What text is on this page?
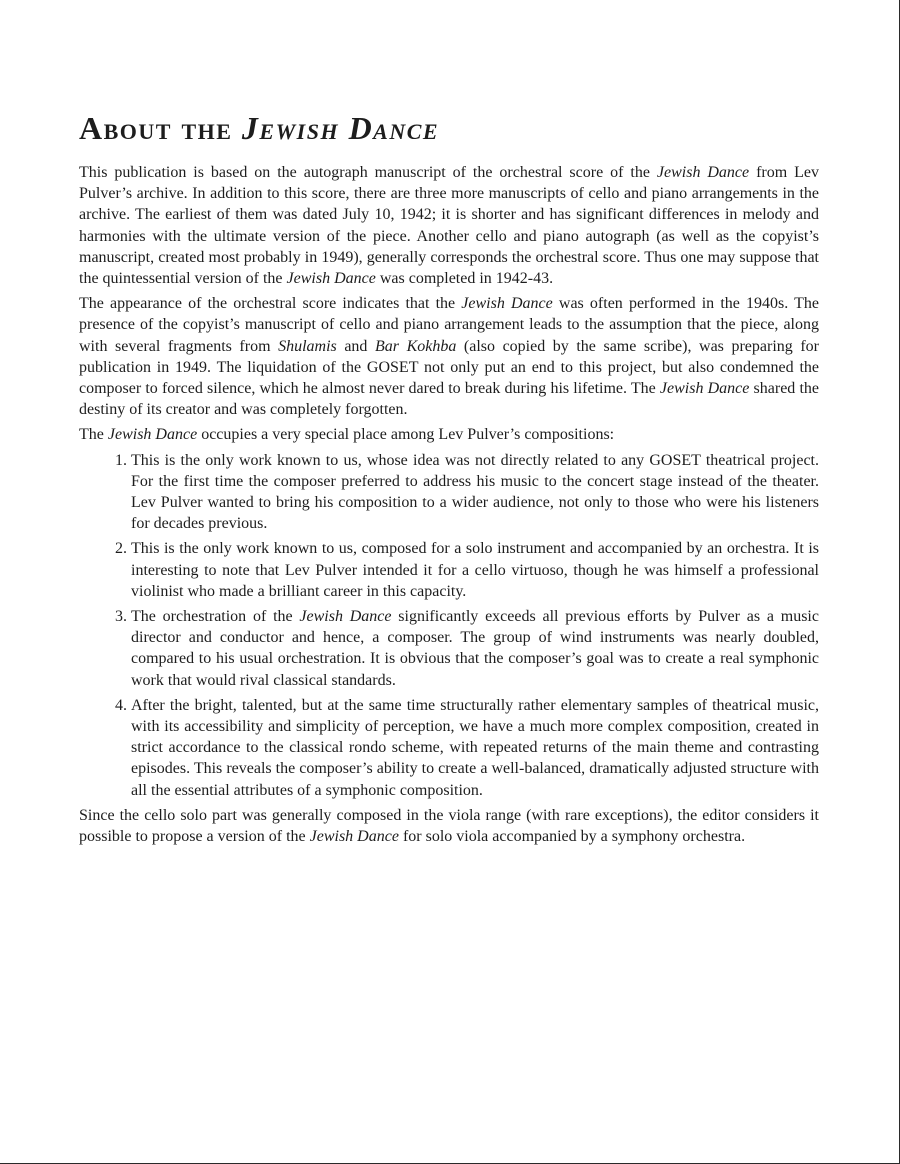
About the Jewish Dance

This publication is based on the autograph manuscript of the orchestral score of the Jewish Dance from Lev Pulver’s archive. In addition to this score, there are three more manuscripts of cello and piano arrangements in the archive. The earliest of them was dated July 10, 1942; it is shorter and has significant differences in melody and harmonies with the ultimate version of the piece. Another cello and piano autograph (as well as the copyist’s manuscript, created most probably in 1949), generally corresponds the orchestral score. Thus one may suppose that the quintessential version of the Jewish Dance was completed in 1942-43.

The appearance of the orchestral score indicates that the Jewish Dance was often performed in the 1940s. The presence of the copyist’s manuscript of cello and piano arrangement leads to the assumption that the piece, along with several fragments from Shulamis and Bar Kokhba (also copied by the same scribe), was preparing for publication in 1949. The liquidation of the GOSET not only put an end to this project, but also condemned the composer to forced silence, which he almost never dared to break during his lifetime. The Jewish Dance shared the destiny of its creator and was completely forgotten.

The Jewish Dance occupies a very special place among Lev Pulver’s compositions:

1. This is the only work known to us, whose idea was not directly related to any GOSET theatrical project. For the first time the composer preferred to address his music to the concert stage instead of the theater. Lev Pulver wanted to bring his composition to a wider audience, not only to those who were his listeners for decades previous.
2. This is the only work known to us, composed for a solo instrument and accompanied by an orchestra. It is interesting to note that Lev Pulver intended it for a cello virtuoso, though he was himself a professional violinist who made a brilliant career in this capacity.
3. The orchestration of the Jewish Dance significantly exceeds all previous efforts by Pulver as a music director and conductor and hence, a composer. The group of wind instruments was nearly doubled, compared to his usual orchestration. It is obvious that the composer’s goal was to create a real symphonic work that would rival classical standards.
4. After the bright, talented, but at the same time structurally rather elementary samples of theatrical music, with its accessibility and simplicity of perception, we have a much more complex composition, created in strict accordance to the classical rondo scheme, with repeated returns of the main theme and contrasting episodes. This reveals the composer’s ability to create a well-balanced, dramatically adjusted structure with all the essential attributes of a symphonic composition.

Since the cello solo part was generally composed in the viola range (with rare exceptions), the editor considers it possible to propose a version of the Jewish Dance for solo viola accompanied by a symphony orchestra.
